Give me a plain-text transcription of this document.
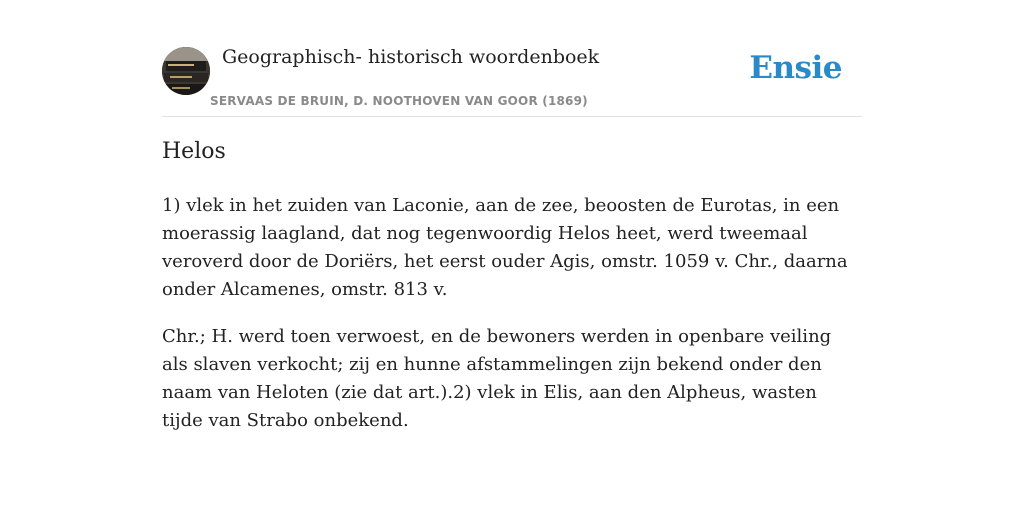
Geographisch- historisch woordenboek
SERVAAS DE BRUIN, D. NOOTHOVEN VAN GOOR (1869)
Ensie
Helos

1) vlek in het zuiden van Laconie, aan de zee, beoosten de Eurotas, in een moerassig laagland, dat nog tegenwoordig Helos heet, werd tweemaal veroverd door de Doriërs, het eerst ouder Agis, omstr. 1059 v. Chr., daarna onder Alcamenes, omstr. 813 v.

Chr.; H. werd toen verwoest, en de bewoners werden in openbare veiling als slaven verkocht; zij en hunne afstammelingen zijn bekend onder den naam van Heloten (zie dat art.).2) vlek in Elis, aan den Alpheus, wasten tijde van Strabo onbekend.
